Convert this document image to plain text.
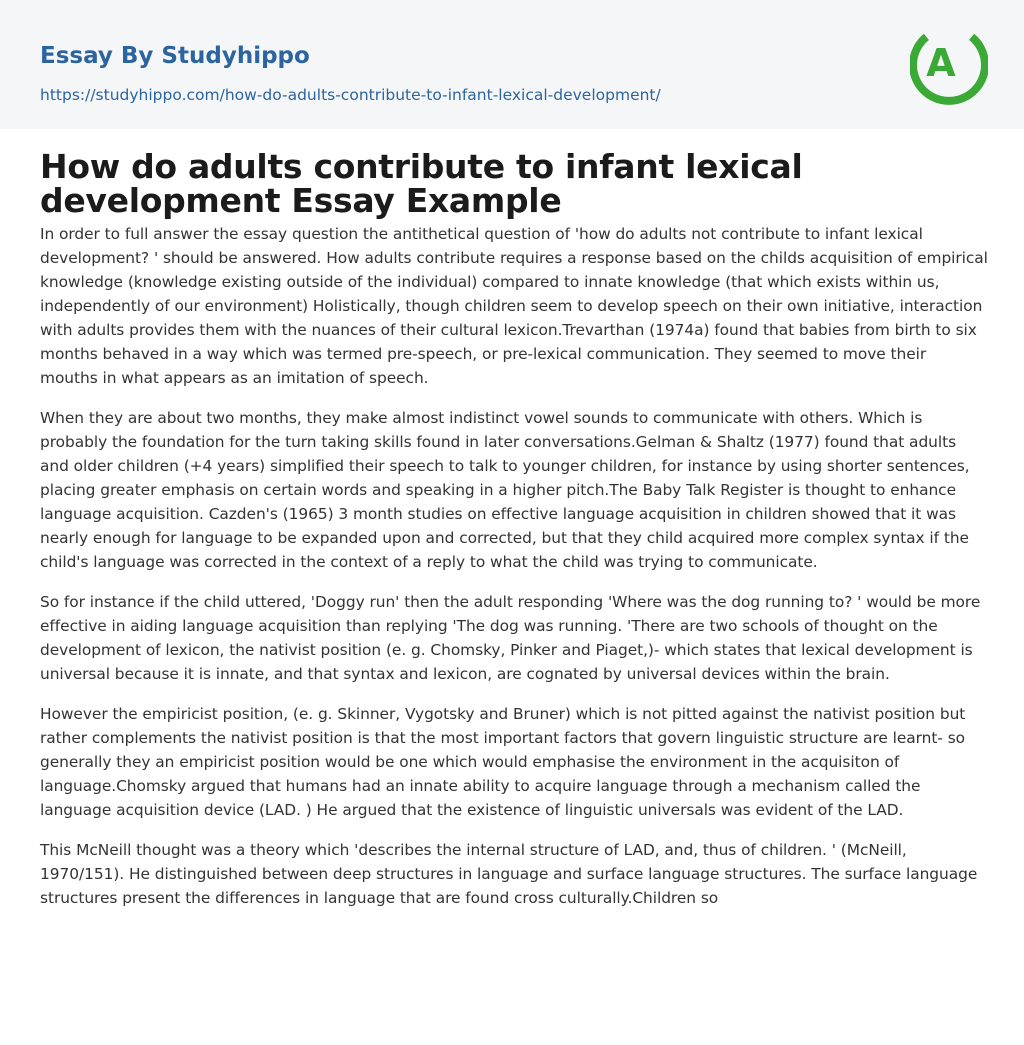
Essay By Studyhippo
https://studyhippo.com/how-do-adults-contribute-to-infant-lexical-development/
A
How do adults contribute to infant lexical development Essay Example

In order to full answer the essay question the antithetical question of 'how do adults not contribute to infant lexical development? ' should be answered. How adults contribute requires a response based on the childs acquisition of empirical knowledge (knowledge existing outside of the individual) compared to innate knowledge (that which exists within us, independently of our environment) Holistically, though children seem to develop speech on their own initiative, interaction with adults provides them with the nuances of their cultural lexicon.Trevarthan (1974a) found that babies from birth to six months behaved in a way which was termed pre-speech, or pre-lexical communication. They seemed to move their mouths in what appears as an imitation of speech.

When they are about two months, they make almost indistinct vowel sounds to communicate with others. Which is probably the foundation for the turn taking skills found in later conversations.Gelman & Shaltz (1977) found that adults and older children (+4 years) simplified their speech to talk to younger children, for instance by using shorter sentences, placing greater emphasis on certain words and speaking in a higher pitch.The Baby Talk Register is thought to enhance language acquisition. Cazden's (1965) 3 month studies on effective language acquisition in children showed that it was nearly enough for language to be expanded upon and corrected, but that they child acquired more complex syntax if the child's language was corrected in the context of a reply to what the child was trying to communicate.

So for instance if the child uttered, 'Doggy run' then the adult responding 'Where was the dog running to? ' would be more effective in aiding language acquisition than replying 'The dog was running. 'There are two schools of thought on the development of lexicon, the nativist position (e. g. Chomsky, Pinker and Piaget,)- which states that lexical development is universal because it is innate, and that syntax and lexicon, are cognated by universal devices within the brain.

However the empiricist position, (e. g. Skinner, Vygotsky and Bruner) which is not pitted against the nativist position but rather complements the nativist position is that the most important factors that govern linguistic structure are learnt- so generally they an empiricist position would be one which would emphasise the environment in the acquisiton of language.Chomsky argued that humans had an innate ability to acquire language through a mechanism called the language acquisition device (LAD. ) He argued that the existence of linguistic universals was evident of the LAD.

This McNeill thought was a theory which 'describes the internal structure of LAD, and, thus of children. ' (McNeill, 1970/151). He distinguished between deep structures in language and surface language structures. The surface language structures present the differences in language that are found cross culturally.Children so
